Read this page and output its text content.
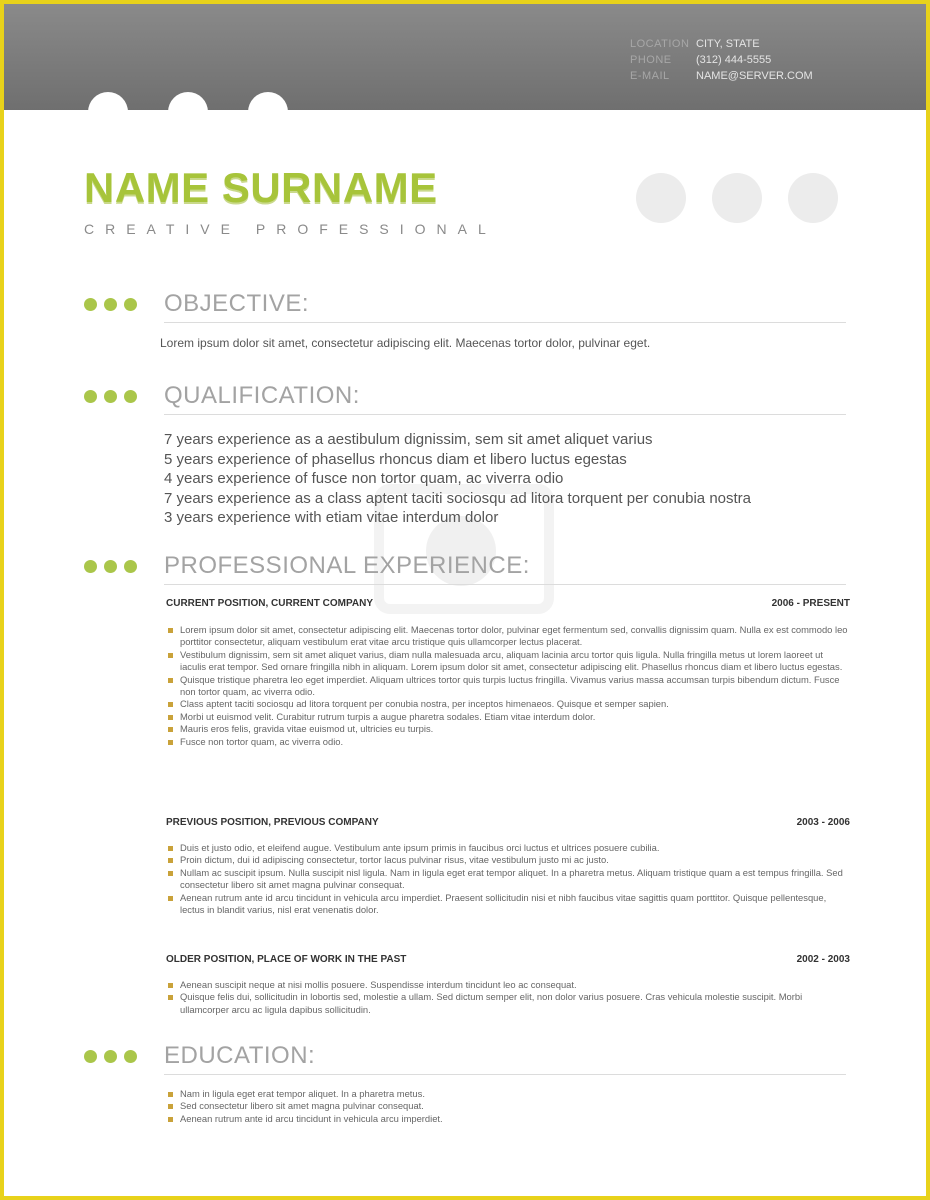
LOCATION CITY, STATE
PHONE	(312) 444-5555
E-MAIL	NAME@SERVER.COM
NAME SURNAME
CREATIVE PROFESSIONAL
OBJECTIVE:
Lorem ipsum dolor sit amet, consectetur adipiscing elit. Maecenas tortor dolor, pulvinar eget.
QUALIFICATION:
7 years experience as a aestibulum dignissim, sem sit amet aliquet varius
5 years experience of phasellus rhoncus diam et libero luctus egestas
4 years experience of fusce non tortor quam, ac viverra odio
7 years experience as a class aptent taciti sociosqu ad litora torquent per conubia nostra
3 years experience with etiam vitae interdum dolor
PROFESSIONAL EXPERIENCE:
CURRENT POSITION, CURRENT COMPANY	2006 - PRESENT
Lorem ipsum dolor sit amet, consectetur adipiscing elit. Maecenas tortor dolor, pulvinar eget fermentum sed, convallis dignissim quam. Nulla ex est commodo leo porttitor consectetur, aliquam vestibulum erat vitae arcu tristique quis ullamcorper lectus placerat.
Vestibulum dignissim, sem sit amet aliquet varius, diam nulla malesuada arcu, aliquam lacinia arcu tortor quis ligula. Nulla fringilla metus ut lorem laoreet ut iaculis erat tempor. Sed ornare fringilla nibh in aliquam. Lorem ipsum dolor sit amet, consectetur adipiscing elit. Phasellus rhoncus diam et libero luctus egestas.
Quisque tristique pharetra leo eget imperdiet. Aliquam ultrices tortor quis turpis luctus fringilla. Vivamus varius massa accumsan turpis bibendum dictum. Fusce non tortor quam, ac viverra odio.
Class aptent taciti sociosqu ad litora torquent per conubia nostra, per inceptos himenaeos. Quisque et semper sapien.
Morbi ut euismod velit. Curabitur rutrum turpis a augue pharetra sodales. Etiam vitae interdum dolor.
Mauris eros felis, gravida vitae euismod ut, ultricies eu turpis.
Fusce non tortor quam, ac viverra odio.
PREVIOUS POSITION, PREVIOUS COMPANY	2003 - 2006
Duis et justo odio, et eleifend augue. Vestibulum ante ipsum primis in faucibus orci luctus et ultrices posuere cubilia.
Proin dictum, dui id adipiscing consectetur, tortor lacus pulvinar risus, vitae vestibulum justo mi ac justo.
Nullam ac suscipit ipsum. Nulla suscipit nisl ligula. Nam in ligula eget erat tempor aliquet. In a pharetra metus. Aliquam tristique quam a est tempus fringilla. Sed consectetur libero sit amet magna pulvinar consequat.
Aenean rutrum ante id arcu tincidunt in vehicula arcu imperdiet. Praesent sollicitudin nisi et nibh faucibus vitae sagittis quam porttitor. Quisque pellentesque, lectus in blandit varius, nisl erat venenatis dolor.
OLDER POSITION, PLACE OF WORK IN THE PAST	2002 - 2003
Aenean suscipit neque at nisi mollis posuere. Suspendisse interdum tincidunt leo ac consequat.
Quisque felis dui, sollicitudin in lobortis sed, molestie a ullam. Sed dictum semper elit, non dolor varius posuere. Cras vehicula molestie suscipit. Morbi ullamcorper arcu ac ligula dapibus sollicitudin.
EDUCATION:
Nam in ligula eget erat tempor aliquet. In a pharetra metus.
Sed consectetur libero sit amet magna pulvinar consequat.
Aenean rutrum ante id arcu tincidunt in vehicula arcu imperdiet.
